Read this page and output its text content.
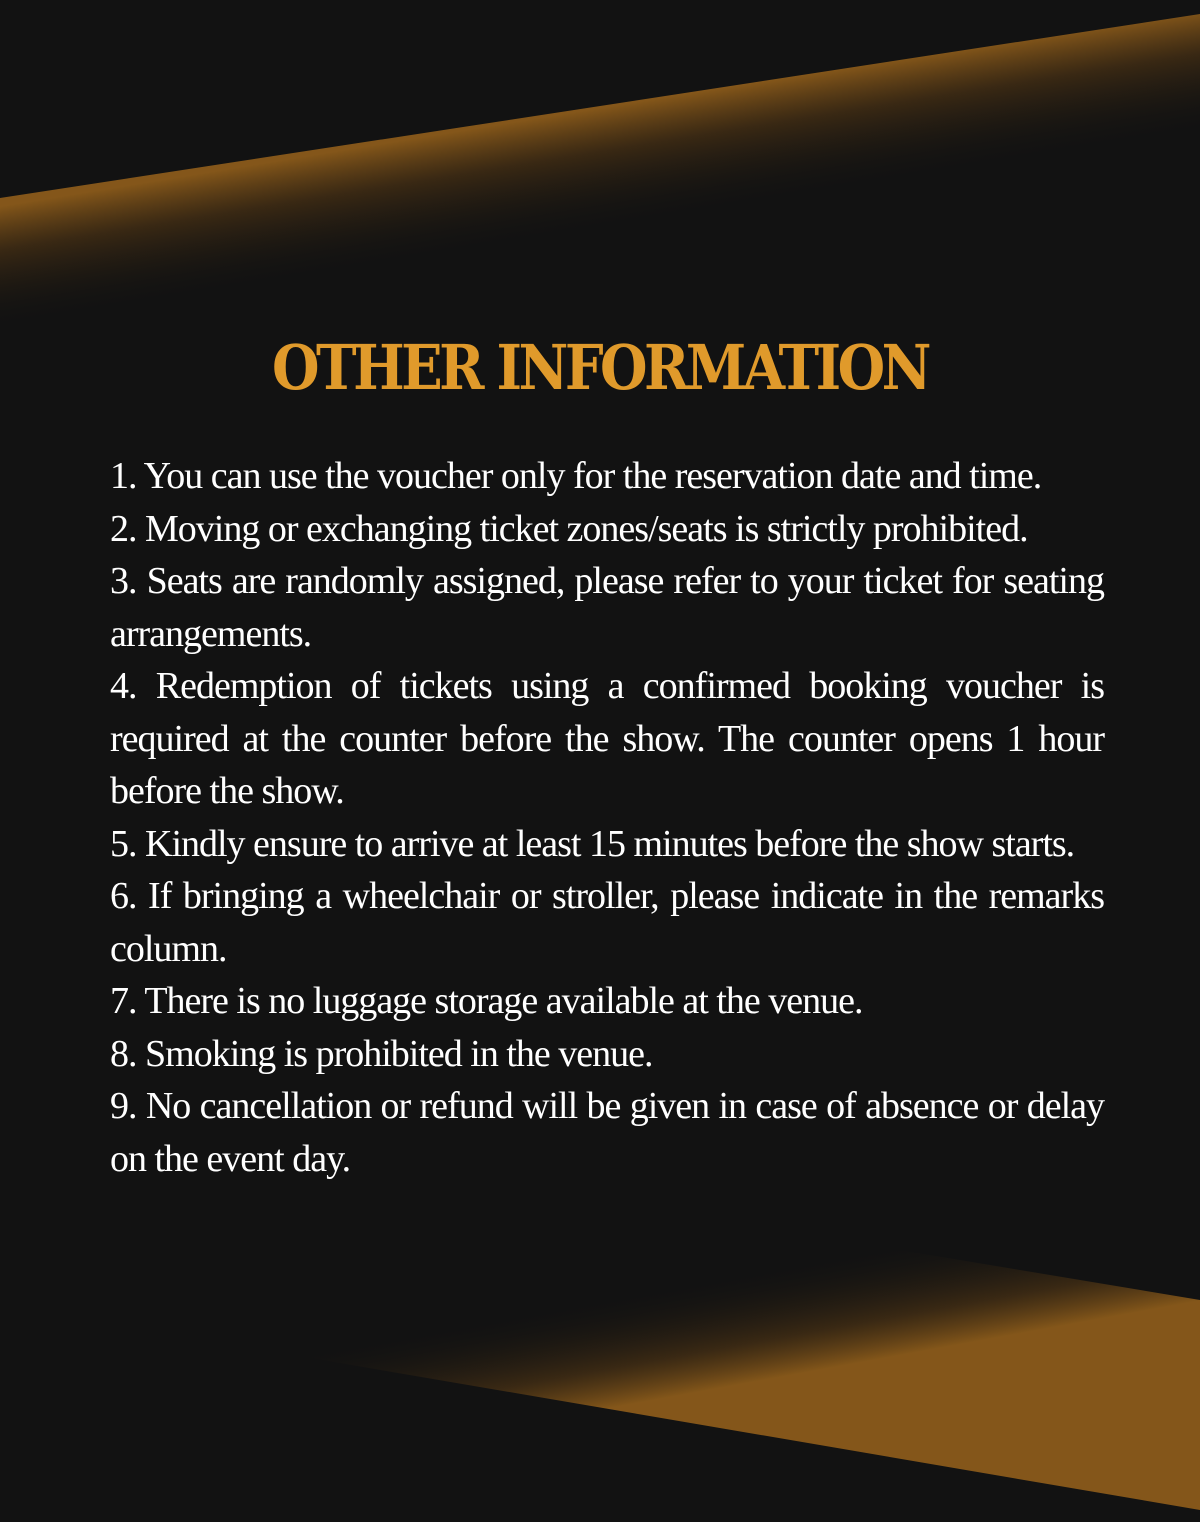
OTHER INFORMATION
1. You can use the voucher only for the reservation date and time.
2. Moving or exchanging ticket zones/seats is strictly prohibited.
3. Seats are randomly assigned, please refer to your ticket for seating arrangements.
4. Redemption of tickets using a confirmed booking voucher is required at the counter before the show. The counter opens 1 hour before the show.
5. Kindly ensure to arrive at least 15 minutes before the show starts.
6. If bringing a wheelchair or stroller, please indicate in the remarks column.
7. There is no luggage storage available at the venue.
8. Smoking is prohibited in the venue.
9. No cancellation or refund will be given in case of absence or delay on the event day.
